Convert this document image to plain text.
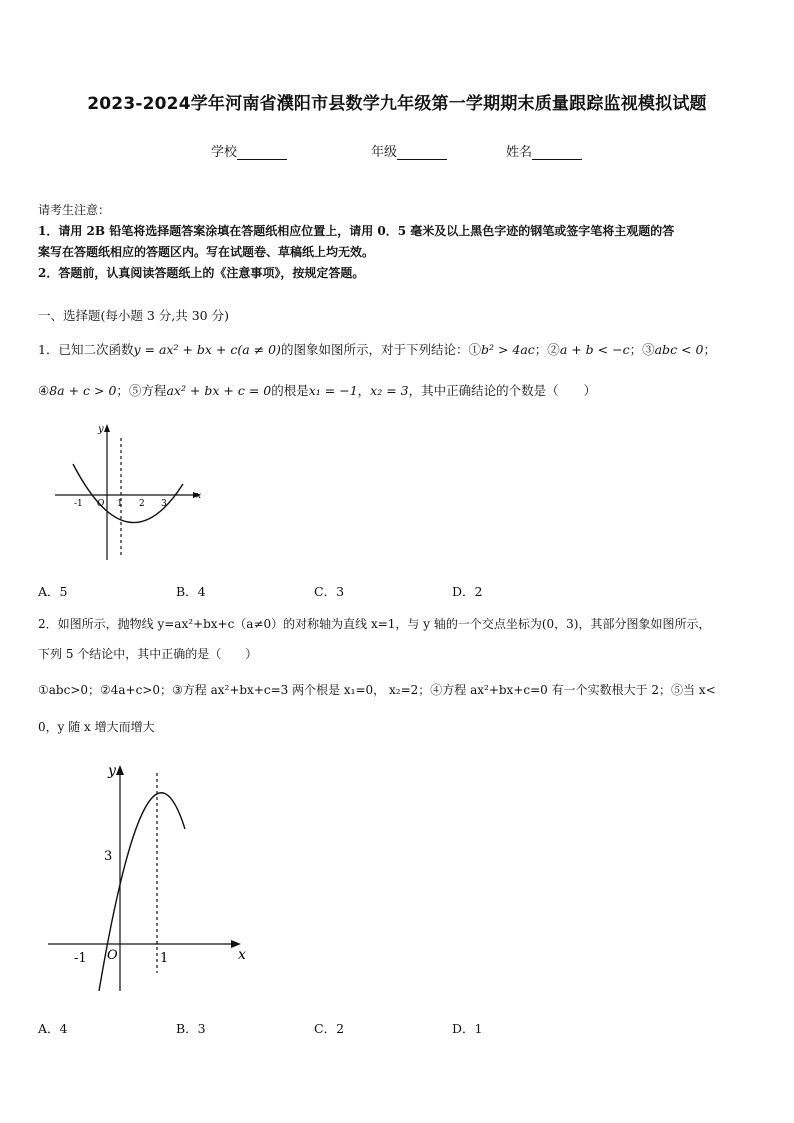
2023-2024学年河南省濮阳市县数学九年级第一学期期末质量跟踪监视模拟试题
学校	年级	姓名
请考生注意：
1．请用 2B 铅笔将选择题答案涂填在答题纸相应位置上，请用 0．5 毫米及以上黑色字迹的钢笔或签字笔将主观题的答
案写在答题纸相应的答题区内。写在试题卷、草稿纸上均无效。
2．答题前，认真阅读答题纸上的《注意事项》，按规定答题。
一、选择题(每小题 3 分,共 30 分)
1．已知二次函数y = ax² + bx + c(a ≠ 0)的图象如图所示，对于下列结论：①b² > 4ac；②a + b < −c；③abc < 0；
④8a + c > 0；⑤方程ax² + bx + c = 0的根是x₁ = −1，x₂ = 3，其中正确结论的个数是（　　）
y
x
-1 O 1 2 3
A．5	B．4	C．3	D．2
2．如图所示，抛物线 y=ax²+bx+c（a≠0）的对称轴为直线 x=1，与 y 轴的一个交点坐标为(0，3)，其部分图象如图所示，
下列 5 个结论中，其中正确的是（　　）
①abc>0；②4a+c>0；③方程 ax²+bx+c=3 两个根是 x₁=0， x₂=2；④方程 ax²+bx+c=0 有一个实数根大于 2；⑤当 x<
0，y 随 x 增大而增大
y
x
3
-1 O	1
A．4	B．3	C．2	D．1
